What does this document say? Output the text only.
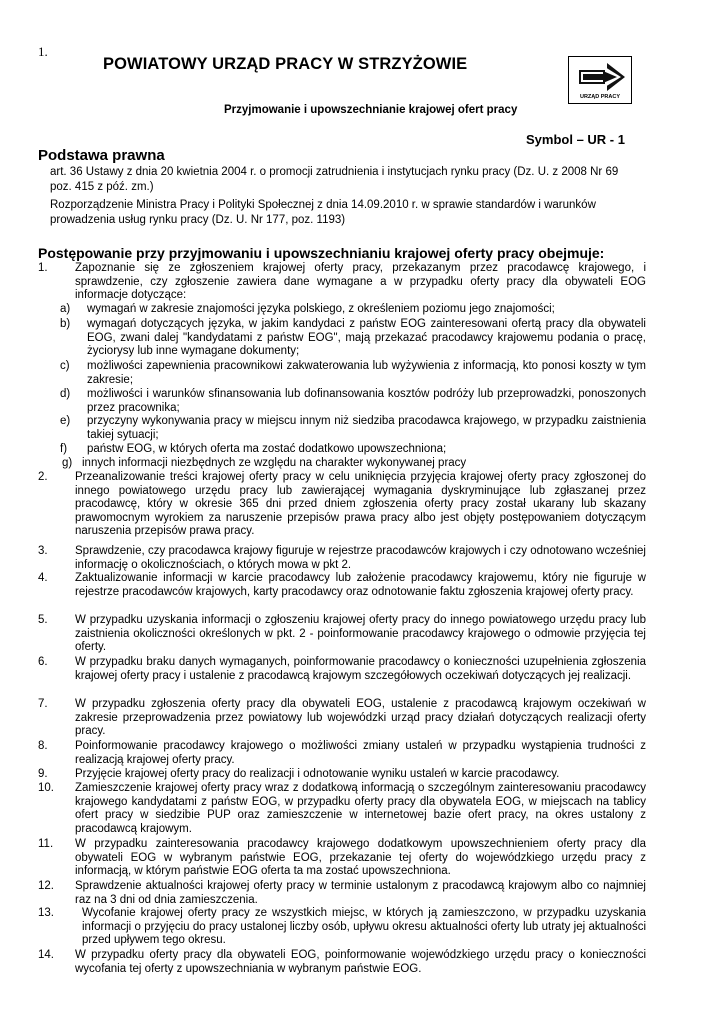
1.
POWIATOWY URZĄD PRACY W STRZYŻOWIE
URZĄD PRACY
Przyjmowanie i upowszechnianie krajowej ofert pracy
Symbol – UR - 1
Podstawa prawna
art. 36 Ustawy z dnia 20 kwietnia 2004 r. o promocji zatrudnienia i instytucjach rynku pracy (Dz. U. z 2008 Nr 69 poz. 415 z póź. zm.)
Rozporządzenie Ministra Pracy i Polityki Społecznej z dnia 14.09.2010 r. w sprawie standardów i warunków prowadzenia usług rynku pracy (Dz. U. Nr 177, poz. 1193)
Postępowanie przy przyjmowaniu i upowszechnianiu krajowej oferty pracy obejmuje:
1. Zapoznanie się ze zgłoszeniem krajowej oferty pracy, przekazanym przez pracodawcę krajowego, i sprawdzenie, czy zgłoszenie zawiera dane wymagane a w przypadku oferty pracy dla obywateli EOG informacje dotyczące:
a) wymagań w zakresie znajomości języka polskiego, z określeniem poziomu jego znajomości;
b) wymagań dotyczących języka, w jakim kandydaci z państw EOG zainteresowani ofertą pracy dla obywateli EOG, zwani dalej "kandydatami z państw EOG", mają przekazać pracodawcy krajowemu podania o pracę, życiorysy lub inne wymagane dokumenty;
c) możliwości zapewnienia pracownikowi zakwaterowania lub wyżywienia z informacją, kto ponosi koszty w tym zakresie;
d) możliwości i warunków sfinansowania lub dofinansowania kosztów podróży lub przeprowadzki, ponoszonych przez pracownika;
e) przyczyny wykonywania pracy w miejscu innym niż siedziba pracodawca krajowego, w przypadku zaistnienia takiej sytuacji;
f) państw EOG, w których oferta ma zostać dodatkowo upowszechniona;
g) innych informacji niezbędnych ze względu na charakter wykonywanej pracy
2. Przeanalizowanie treści krajowej oferty pracy w celu uniknięcia przyjęcia krajowej oferty pracy zgłoszonej do innego powiatowego urzędu pracy lub zawierającej wymagania dyskryminujące lub zgłaszanej przez pracodawcę, który w okresie 365 dni przed dniem zgłoszenia oferty pracy został ukarany lub skazany prawomocnym wyrokiem za naruszenie przepisów prawa pracy albo jest objęty postępowaniem dotyczącym naruszenia przepisów prawa pracy.
3. Sprawdzenie, czy pracodawca krajowy figuruje w rejestrze pracodawców krajowych i czy odnotowano wcześniej informację o okolicznościach, o których mowa w pkt 2.
4. Zaktualizowanie informacji w karcie pracodawcy lub założenie pracodawcy krajowemu, który nie figuruje w rejestrze pracodawców krajowych, karty pracodawcy oraz odnotowanie faktu zgłoszenia krajowej oferty pracy.
5. W przypadku uzyskania informacji o zgłoszeniu krajowej oferty pracy do innego powiatowego urzędu pracy lub zaistnienia okoliczności określonych w pkt. 2 - poinformowanie pracodawcy krajowego o odmowie przyjęcia tej oferty.
6. W przypadku braku danych wymaganych, poinformowanie pracodawcy o konieczności uzupełnienia zgłoszenia krajowej oferty pracy i ustalenie z pracodawcą krajowym szczegółowych oczekiwań dotyczących jej realizacji.
7. W przypadku zgłoszenia oferty pracy dla obywateli EOG, ustalenie z pracodawcą krajowym oczekiwań w zakresie przeprowadzenia przez powiatowy lub wojewódzki urząd pracy działań dotyczących realizacji oferty pracy.
8. Poinformowanie pracodawcy krajowego o możliwości zmiany ustaleń w przypadku wystąpienia trudności z realizacją krajowej oferty pracy.
9. Przyjęcie krajowej oferty pracy do realizacji i odnotowanie wyniku ustaleń w karcie pracodawcy.
10. Zamieszczenie krajowej oferty pracy wraz z dodatkową informacją o szczególnym zainteresowaniu pracodawcy krajowego kandydatami z państw EOG, w przypadku oferty pracy dla obywatela EOG, w miejscach na tablicy ofert pracy w siedzibie PUP oraz zamieszczenie w internetowej bazie ofert pracy, na okres ustalony z pracodawcą krajowym.
11. W przypadku zainteresowania pracodawcy krajowego dodatkowym upowszechnieniem oferty pracy dla obywateli EOG w wybranym państwie EOG, przekazanie tej oferty do wojewódzkiego urzędu pracy z informacją, w którym państwie EOG oferta ta ma zostać upowszechniona.
12. Sprawdzenie aktualności krajowej oferty pracy w terminie ustalonym z pracodawcą krajowym albo co najmniej raz na 3 dni od dnia zamieszczenia.
13. Wycofanie krajowej oferty pracy ze wszystkich miejsc, w których ją zamieszczono, w przypadku uzyskania informacji o przyjęciu do pracy ustalonej liczby osób, upływu okresu aktualności oferty lub utraty jej aktualności przed upływem tego okresu.
14. W przypadku oferty pracy dla obywateli EOG, poinformowanie wojewódzkiego urzędu pracy o konieczności wycofania tej oferty z upowszechniania w wybranym państwie EOG.
